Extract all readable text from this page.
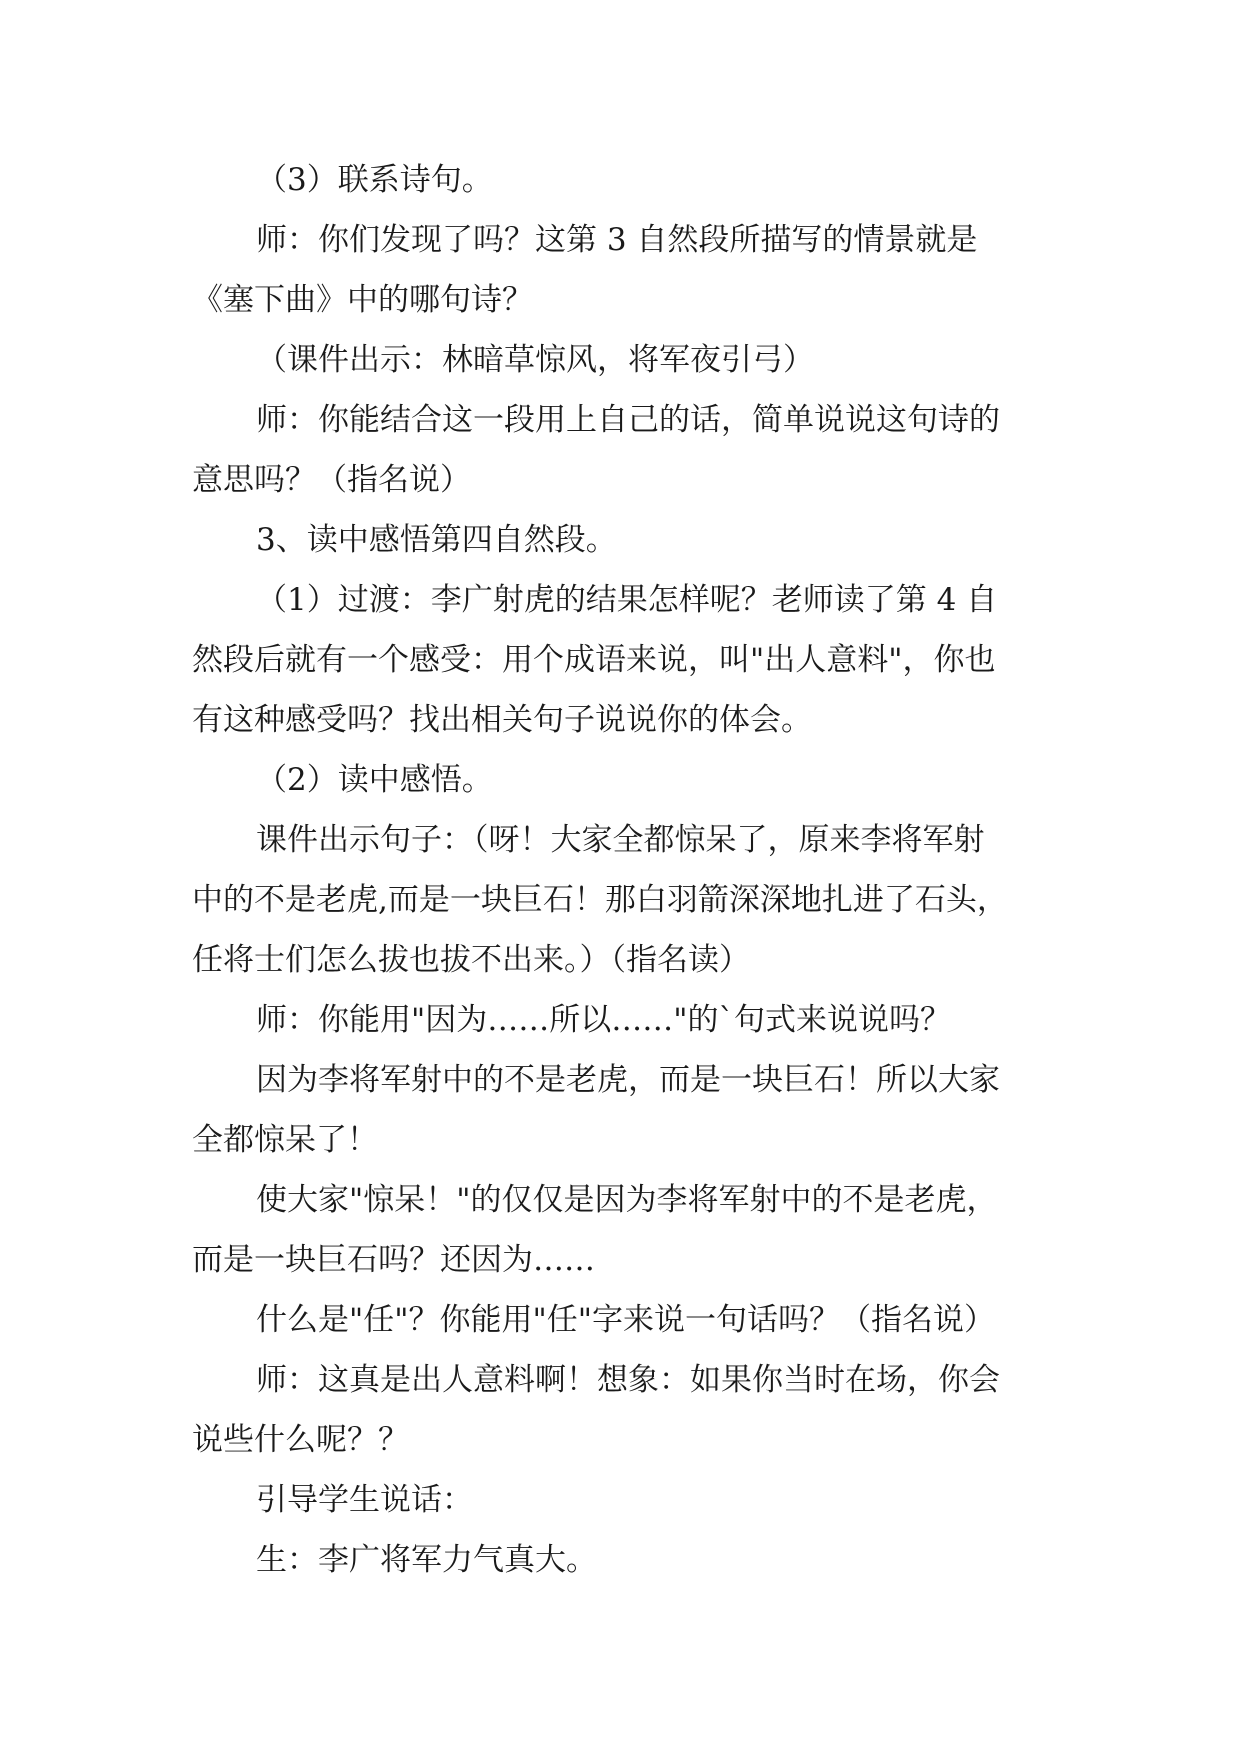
（3）联系诗句。

师：你们发现了吗？这第 3 自然段所描写的情景就是
《塞下曲》中的哪句诗？

（课件出示：林暗草惊风，将军夜引弓）

师：你能结合这一段用上自己的话，简单说说这句诗的
意思吗？（指名说）

3、读中感悟第四自然段。

（1）过渡：李广射虎的结果怎样呢？老师读了第 4 自
然段后就有一个感受：用个成语来说，叫"出人意料"，你也
有这种感受吗？找出相关句子说说你的体会。

（2）读中感悟。

课件出示句子：（呀！大家全都惊呆了，原来李将军射
中的不是老虎,而是一块巨石！那白羽箭深深地扎进了石头，
任将士们怎么拔也拔不出来。）（指名读）

师：你能用"因为……所以……"的`句式来说说吗？

因为李将军射中的不是老虎，而是一块巨石！所以大家
全都惊呆了！

使大家"惊呆！"的仅仅是因为李将军射中的不是老虎，
而是一块巨石吗？还因为……

什么是"任"？你能用"任"字来说一句话吗？（指名说）

师：这真是出人意料啊！想象：如果你当时在场，你会
说些什么呢？？

引导学生说话：

生：李广将军力气真大。
